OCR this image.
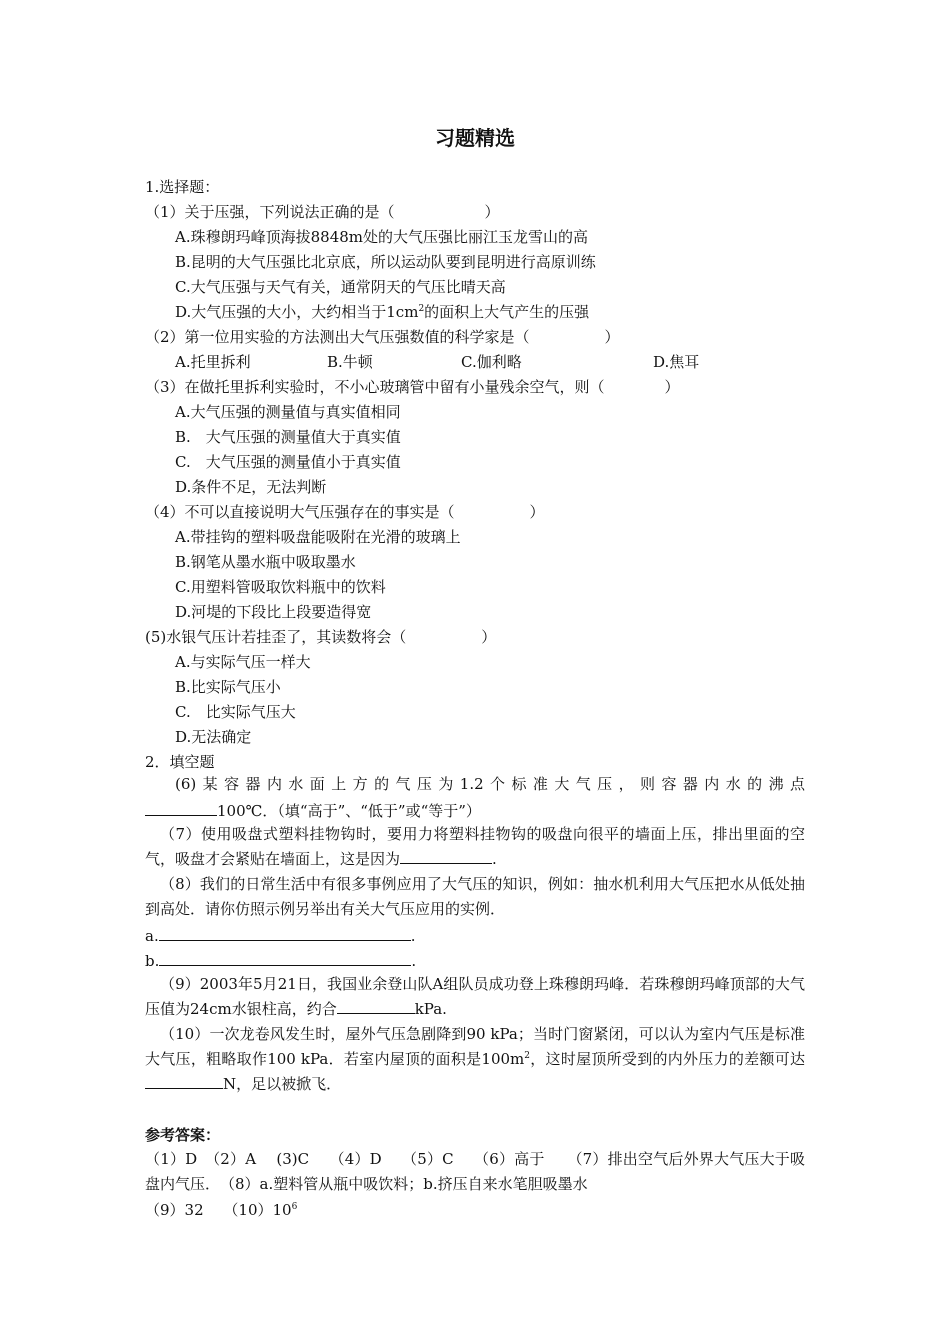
习题精选
1.选择题：
（1）关于压强，下列说法正确的是（　　　　　　）
A.珠穆朗玛峰顶海拔8848m处的大气压强比丽江玉龙雪山的高
B.昆明的大气压强比北京底，所以运动队要到昆明进行高原训练
C.大气压强与天气有关，通常阴天的气压比晴天高
D.大气压强的大小，大约相当于$1cm^2$的面积上大气产生的压强
（2）第一位用实验的方法测出大气压强数值的科学家是（　　　　　）
A.托里拆利	B.牛顿	C.伽利略	D.焦耳
（3）在做托里拆利实验时，不小心玻璃管中留有小量残余空气，则（　　　　）
A.大气压强的测量值与真实值相同
B.　大气压强的测量值大于真实值
C.　大气压强的测量值小于真实值
D.条件不足，无法判断
（4）不可以直接说明大气压强存在的事实是（　　　　　）
A.带挂钩的塑料吸盘能吸附在光滑的玻璃上
B.钢笔从墨水瓶中吸取墨水
C.用塑料管吸取饮料瓶中的饮料
D.河堤的下段比上段要造得宽
(5)水银气压计若挂歪了，其读数将会（　　　　　）
A.与实际气压一样大
B.比实际气压小
C.　比实际气压大
D.无法确定
2．填空题
(6)某容器内水面上方的气压为1.2个标准大气压，则容器内水的沸点
100℃．（填“高于”、“低于”或“等于”）
（7）使用吸盘式塑料挂物钩时，要用力将塑料挂物钩的吸盘向很平的墙面上压，排出里面的空气，吸盘才会紧贴在墙面上，这是因为	.
（8）我们的日常生活中有很多事例应用了大气压的知识，例如：抽水机利用大气压把水从低处抽到高处．请你仿照示例另举出有关大气压应用的实例．
a.	.
b.	.
（9）2003年5月21日，我国业余登山队A组队员成功登上珠穆朗玛峰．若珠穆朗玛峰顶部的大气压值为24cm水银柱高，约合	kPa.
（10）一次龙卷风发生时，屋外气压急剧降到90 kPa；当时门窗紧闭，可以认为室内气压是标准大气压，粗略取作100 kPa．若室内屋顶的面积是$100m^2$，这时屋顶所受到的内外压力的差额可达N，足以被掀飞．
参考答案：
（1）D　（2）A　 (3)C　 （4）D　 （5）C　 （6）高于　　（7）排出空气后外界大气压大于吸盘内气压．　（8）a.塑料管从瓶中吸饮料；b.挤压自来水笔胆吸墨水
（9）32　 $(10)10^6$
